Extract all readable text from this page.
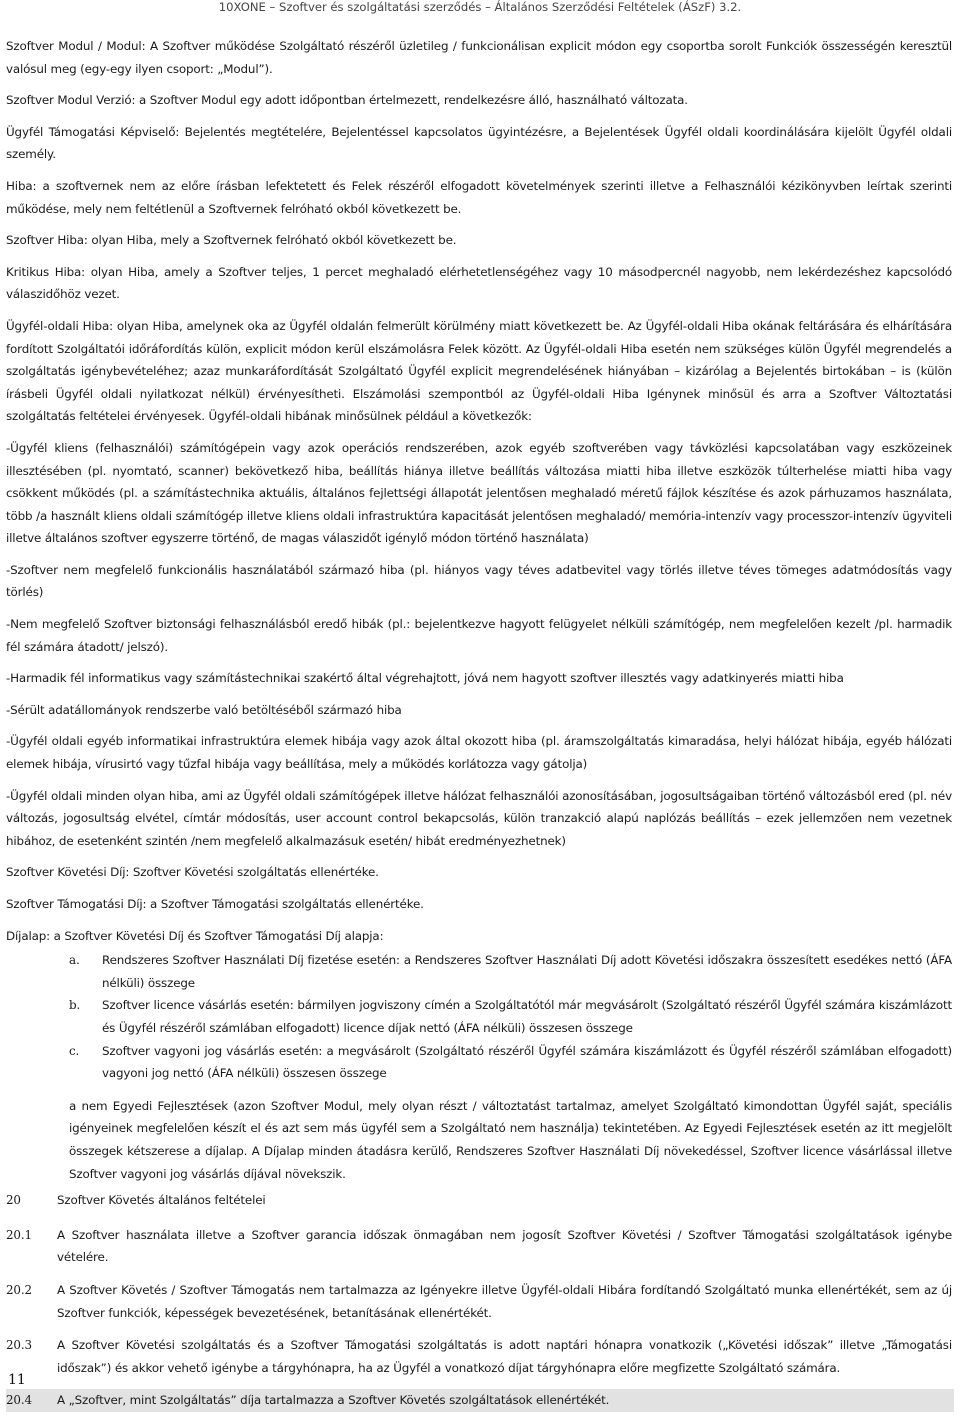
10XONE – Szoftver és szolgáltatási szerződés – Általános Szerződési Feltételek (ÁSzF) 3.2.

Szoftver Modul / Modul: A Szoftver működése Szolgáltató részéről üzletileg / funkcionálisan explicit módon egy csoportba sorolt Funkciók összességén keresztül valósul meg (egy-egy ilyen csoport: „Modul”).

Szoftver Modul Verzió: a Szoftver Modul egy adott időpontban értelmezett, rendelkezésre álló, használható változata.

Ügyfél Támogatási Képviselő: Bejelentés megtételére, Bejelentéssel kapcsolatos ügyintézésre, a Bejelentések Ügyfél oldali koordinálására kijelölt Ügyfél oldali személy.

Hiba: a szoftvernek nem az előre írásban lefektetett és Felek részéről elfogadott követelmények szerinti illetve a Felhasználói kézikönyvben leírtak szerinti működése, mely nem feltétlenül a Szoftvernek felróható okból következett be.

Szoftver Hiba: olyan Hiba, mely a Szoftvernek felróható okból következett be.

Kritikus Hiba: olyan Hiba, amely a Szoftver teljes, 1 percet meghaladó elérhetetlenségéhez vagy 10 másodpercnél nagyobb, nem lekérdezéshez kapcsolódó válaszidőhöz vezet.

Ügyfél-oldali Hiba: olyan Hiba, amelynek oka az Ügyfél oldalán felmerült körülmény miatt következett be. Az Ügyfél-oldali Hiba okának feltárására és elhárítására fordított Szolgáltatói időráfordítás külön, explicit módon kerül elszámolásra Felek között. Az Ügyfél-oldali Hiba esetén nem szükséges külön Ügyfél megrendelés a szolgáltatás igénybevételéhez; azaz munkaráfordítását Szolgáltató Ügyfél explicit megrendelésének hiányában – kizárólag a Bejelentés birtokában – is (külön írásbeli Ügyfél oldali nyilatkozat nélkül) érvényesítheti. Elszámolási szempontból az Ügyfél-oldali Hiba Igénynek minősül és arra a Szoftver Változtatási szolgáltatás feltételei érvényesek. Ügyfél-oldali hibának minősülnek például a következők:

-Ügyfél kliens (felhasználói) számítógépein vagy azok operációs rendszerében, azok egyéb szoftverében vagy távközlési kapcsolatában vagy eszközeinek illesztésében (pl. nyomtató, scanner) bekövetkező hiba, beállítás hiánya illetve beállítás változása miatti hiba illetve eszközök túlterhelése miatti hiba vagy csökkent működés (pl. a számítástechnika aktuális, általános fejlettségi állapotát jelentősen meghaladó méretű fájlok készítése és azok párhuzamos használata, több /a használt kliens oldali számítógép illetve kliens oldali infrastruktúra kapacitását jelentősen meghaladó/ memória-intenzív vagy processzor-intenzív ügyviteli illetve általános szoftver egyszerre történő, de magas válaszidőt igénylő módon történő használata)

-Szoftver nem megfelelő funkcionális használatából származó hiba (pl. hiányos vagy téves adatbevitel vagy törlés illetve téves tömeges adatmódosítás vagy törlés)

-Nem megfelelő Szoftver biztonsági felhasználásból eredő hibák (pl.: bejelentkezve hagyott felügyelet nélküli számítógép, nem megfelelően kezelt /pl. harmadik fél számára átadott/ jelszó).

-Harmadik fél informatikus vagy számítástechnikai szakértő által végrehajtott, jóvá nem hagyott szoftver illesztés vagy adatkinyerés miatti hiba

-Sérült adatállományok rendszerbe való betöltéséből származó hiba

-Ügyfél oldali egyéb informatikai infrastruktúra elemek hibája vagy azok által okozott hiba (pl. áramszolgáltatás kimaradása, helyi hálózat hibája, egyéb hálózati elemek hibája, vírusirtó vagy tűzfal hibája vagy beállítása, mely a működés korlátozza vagy gátolja)

-Ügyfél oldali minden olyan hiba, ami az Ügyfél oldali számítógépek illetve hálózat felhasználói azonosításában, jogosultságaiban történő változásból ered (pl. név változás, jogosultság elvétel, címtár módosítás, user account control bekapcsolás, külön tranzakció alapú naplózás beállítás – ezek jellemzően nem vezetnek hibához, de esetenként szintén /nem megfelelő alkalmazásuk esetén/ hibát eredményezhetnek)

Szoftver Követési Díj: Szoftver Követési szolgáltatás ellenértéke.

Szoftver Támogatási Díj: a Szoftver Támogatási szolgáltatás ellenértéke.

Díjalap: a Szoftver Követési Díj és Szoftver Támogatási Díj alapja:

a.	Rendszeres Szoftver Használati Díj fizetése esetén: a Rendszeres Szoftver Használati Díj adott Követési időszakra összesített esedékes nettó (ÁFA nélküli) összege
b.	Szoftver licence vásárlás esetén: bármilyen jogviszony címén a Szolgáltatótól már megvásárolt (Szolgáltató részéről Ügyfél számára kiszámlázott és Ügyfél részéről számlában elfogadott) licence díjak nettó (ÁFA nélküli) összesen összege
c.	Szoftver vagyoni jog vásárlás esetén: a megvásárolt (Szolgáltató részéről Ügyfél számára kiszámlázott és Ügyfél részéről számlában elfogadott) vagyoni jog nettó (ÁFA nélküli) összesen összege

a nem Egyedi Fejlesztések (azon Szoftver Modul, mely olyan részt / változtatást tartalmaz, amelyet Szolgáltató kimondottan Ügyfél saját, speciális igényeinek megfelelően készít el és azt sem más ügyfél sem a Szolgáltató nem használja) tekintetében. Az Egyedi Fejlesztések esetén az itt megjelölt összegek kétszerese a díjalap. A Díjalap minden átadásra kerülő, Rendszeres Szoftver Használati Díj növekedéssel, Szoftver licence vásárlással illetve Szoftver vagyoni jog vásárlás díjával növekszik.

20	Szoftver Követés általános feltételei
20.1	A Szoftver használata illetve a Szoftver garancia időszak önmagában nem jogosít Szoftver Követési / Szoftver Támogatási szolgáltatások igénybe vételére.
20.2	A Szoftver Követés / Szoftver Támogatás nem tartalmazza az Igényekre illetve Ügyfél-oldali Hibára fordítandó Szolgáltató munka ellenértékét, sem az új Szoftver funkciók, képességek bevezetésének, betanításának ellenértékét.
20.3	A Szoftver Követési szolgáltatás és a Szoftver Támogatási szolgáltatás is adott naptári hónapra vonatkozik („Követési időszak” illetve „Támogatási időszak”) és akkor vehető igénybe a tárgyhónapra, ha az Ügyfél a vonatkozó díjat tárgyhónapra előre megfizette Szolgáltató számára.
20.4	A „Szoftver, mint Szolgáltatás” díja tartalmazza a Szoftver Követés szolgáltatások ellenértékét.
11
